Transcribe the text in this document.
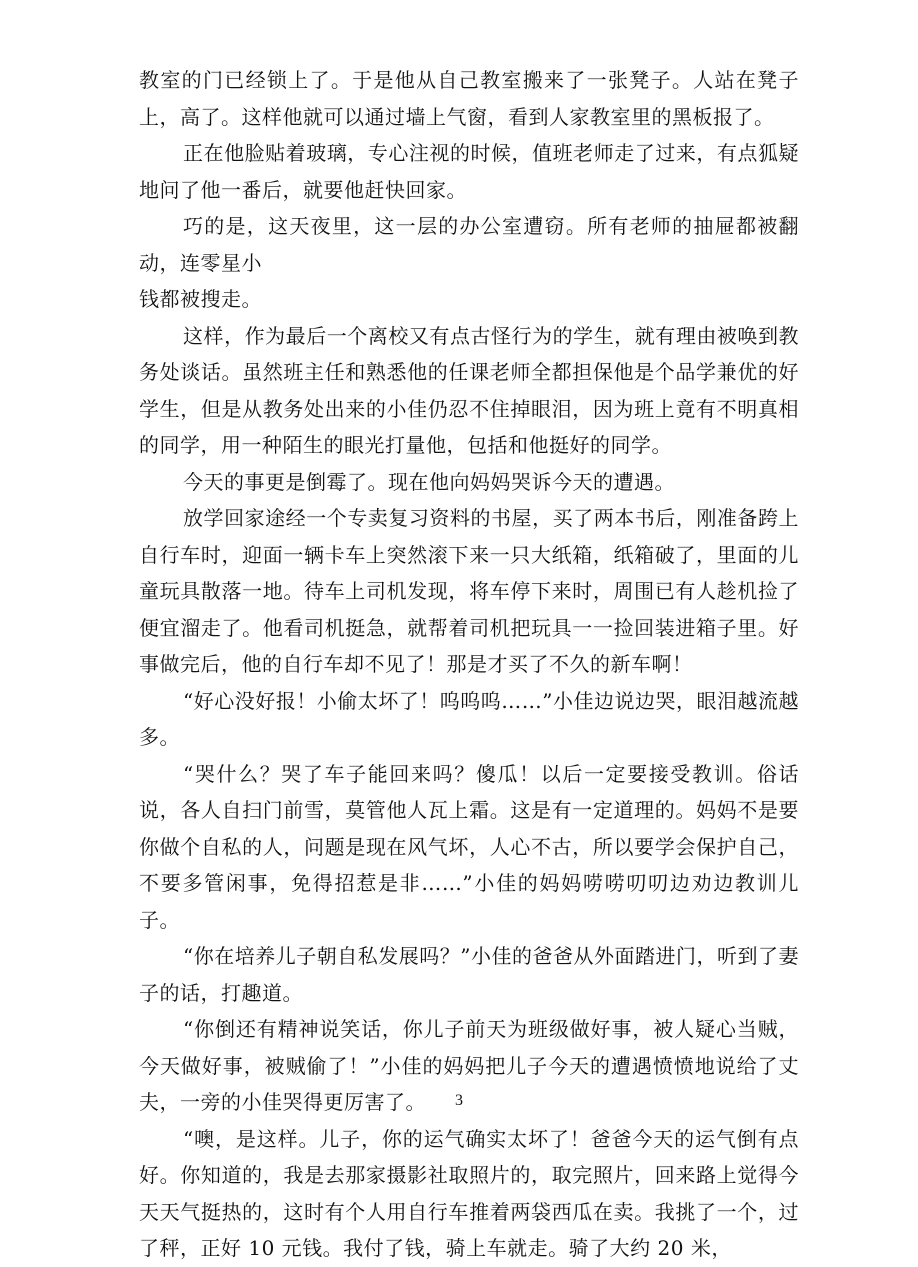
教室的门已经锁上了。于是他从自己教室搬来了一张凳子。人站在凳子上，高了。这样他就可以通过墙上气窗，看到人家教室里的黑板报了。

正在他脸贴着玻璃，专心注视的时候，值班老师走了过来，有点狐疑地问了他一番后，就要他赶快回家。

巧的是，这天夜里，这一层的办公室遭窃。所有老师的抽屉都被翻动，连零星小

钱都被搜走。

这样，作为最后一个离校又有点古怪行为的学生，就有理由被唤到教务处谈话。虽然班主任和熟悉他的任课老师全都担保他是个品学兼优的好学生，但是从教务处出来的小佳仍忍不住掉眼泪，因为班上竟有不明真相的同学，用一种陌生的眼光打量他，包括和他挺好的同学。

今天的事更是倒霉了。现在他向妈妈哭诉今天的遭遇。

放学回家途经一个专卖复习资料的书屋，买了两本书后，刚准备跨上自行车时，迎面一辆卡车上突然滚下来一只大纸箱，纸箱破了，里面的儿童玩具散落一地。待车上司机发现，将车停下来时，周围已有人趁机捡了便宜溜走了。他看司机挺急，就帮着司机把玩具一一捡回装进箱子里。好事做完后，他的自行车却不见了！那是才买了不久的新车啊！

“好心没好报！小偷太坏了！呜呜呜……”小佳边说边哭，眼泪越流越多。

“哭什么？哭了车子能回来吗？傻瓜！以后一定要接受教训。俗话说，各人自扫门前雪，莫管他人瓦上霜。这是有一定道理的。妈妈不是要你做个自私的人，问题是现在风气坏，人心不古，所以要学会保护自己，不要多管闲事，免得招惹是非……”小佳的妈妈唠唠叨叨边劝边教训儿子。

“你在培养儿子朝自私发展吗？”小佳的爸爸从外面踏进门，听到了妻子的话，打趣道。

“你倒还有精神说笑话，你儿子前天为班级做好事，被人疑心当贼，今天做好事，被贼偷了！”小佳的妈妈把儿子今天的遭遇愤愤地说给了丈夫，一旁的小佳哭得更厉害了。

“噢，是这样。儿子，你的运气确实太坏了！爸爸今天的运气倒有点好。你知道的，我是去那家摄影社取照片的，取完照片，回来路上觉得今天天气挺热的，这时有个人用自行车推着两袋西瓜在卖。我挑了一个，过了秤，正好 10 元钱。我付了钱，骑上车就走。骑了大约 20 米，

3
